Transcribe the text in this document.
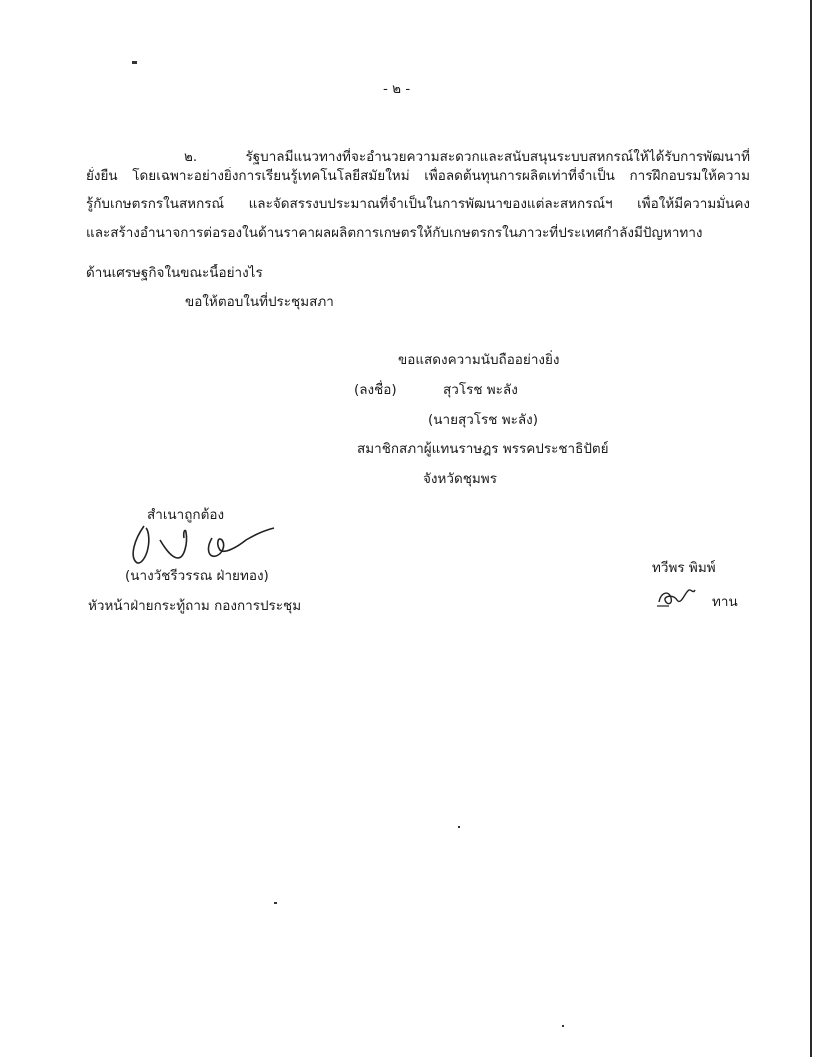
- ๒ -
๒. รัฐบาลมีแนวทางที่จะอำนวยความสะดวกและสนับสนุนระบบสหกรณ์ให้ได้รับการพัฒนาที่
ยั่งยืน โดยเฉพาะอย่างยิ่งการเรียนรู้เทคโนโลยีสมัยใหม่ เพื่อลดต้นทุนการผลิตเท่าที่จำเป็น การฝึกอบรมให้ความ
รู้กับเกษตรกรในสหกรณ์ และจัดสรรงบประมาณที่จำเป็นในการพัฒนาของแต่ละสหกรณ์ฯ เพื่อให้มีความมั่นคง
และสร้างอำนาจการต่อรองในด้านราคาผลผลิตการเกษตรให้กับเกษตรกรในภาวะที่ประเทศกำลังมีปัญหาทาง
ด้านเศรษฐกิจในขณะนี้อย่างไร
ขอให้ตอบในที่ประชุมสภา
ขอแสดงความนับถืออย่างยิ่ง
(ลงชื่อ)	สุวโรช พะลัง
(นายสุวโรช พะลัง)
สมาชิกสภาผู้แทนราษฎร พรรคประชาธิปัตย์
จังหวัดชุมพร
สำเนาถูกต้อง
(นางวัชรีวรรณ ฝ่ายทอง)
หัวหน้าฝ่ายกระทู้ถาม กองการประชุม
ทวีพร พิมพ์
ทาน
